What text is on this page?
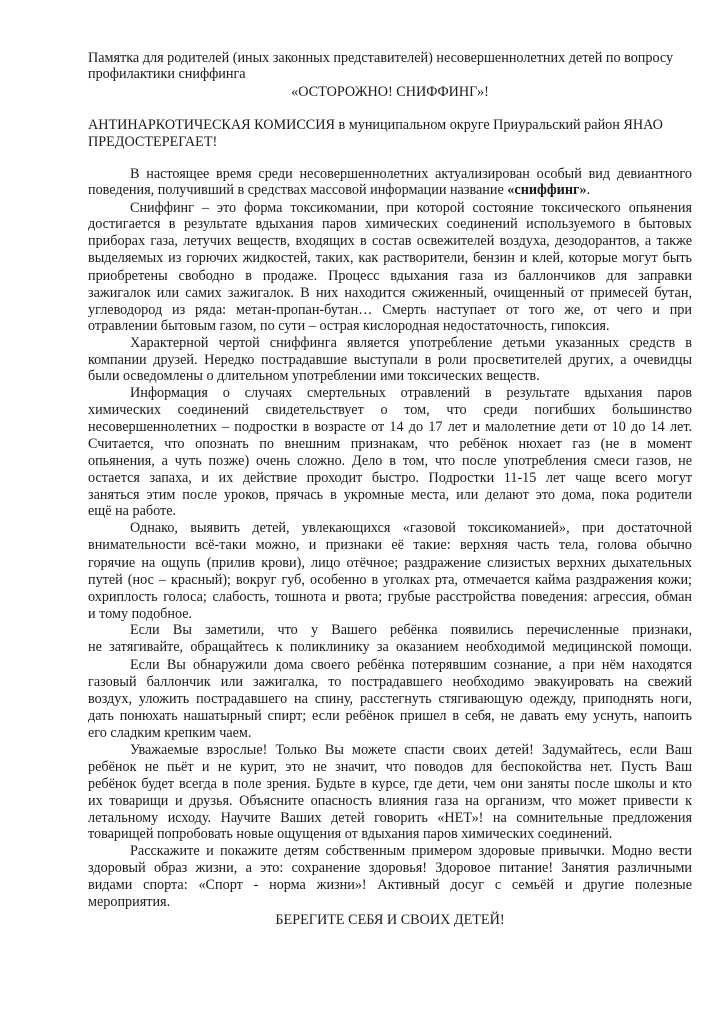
Памятка для родителей (иных законных представителей) несовершеннолетних детей по вопросу
профилактики сниффинга
«ОСТОРОЖНО! СНИФФИНГ»!
АНТИНАРКОТИЧЕСКАЯ КОМИССИЯ в муниципальном округе Приуральский район ЯНАО
ПРЕДОСТЕРЕГАЕТ!
В настоящее время среди несовершеннолетних актуализирован особый вид девиантного
поведения, получивший в средствах массовой информации название «сниффинг».
Сниффинг – это форма токсикомании, при которой состояние токсического опьянения
достигается в результате вдыхания паров химических соединений используемого в бытовых
приборах газа, летучих веществ, входящих в состав освежителей воздуха, дезодорантов, а также
выделяемых из горючих жидкостей, таких, как растворители, бензин и клей, которые могут быть
приобретены свободно в продаже. Процесс вдыхания газа из баллончиков для заправки
зажигалок или самих зажигалок. В них находится сжиженный, очищенный от примесей бутан,
углеводород из ряда: метан-пропан-бутан… Смерть наступает от того же, от чего и при
отравлении бытовым газом, по сути – острая кислородная недостаточность, гипоксия.
Характерной чертой сниффинга является употребление детьми указанных средств в
компании друзей. Нередко пострадавшие выступали в роли просветителей других, а очевидцы
были осведомлены о длительном употреблении ими токсических веществ.
Информация о случаях смертельных отравлений в результате вдыхания паров
химических соединений свидетельствует о том, что среди погибших большинство
несовершеннолетних – подростки в возрасте от 14 до 17 лет и малолетние дети от 10 до 14 лет.
Считается, что опознать по внешним признакам, что ребёнок нюхает газ (не в момент
опьянения, а чуть позже) очень сложно. Дело в том, что после употребления смеси газов, не
остается запаха, и их действие проходит быстро. Подростки 11-15 лет чаще всего могут
заняться этим после уроков, прячась в укромные места, или делают это дома, пока родители
ещё на работе.
Однако, выявить детей, увлекающихся «газовой токсикоманией», при достаточной
внимательности всё-таки можно, и признаки её такие: верхняя часть тела, голова обычно
горячие на ощупь (прилив крови), лицо отёчное; раздражение слизистых верхних дыхательных
путей (нос – красный); вокруг губ, особенно в уголках рта, отмечается кайма раздражения кожи;
охриплость голоса; слабость, тошнота и рвота; грубые расстройства поведения: агрессия, обман
и тому подобное.
Если Вы заметили, что у Вашего ребёнка появились перечисленные признаки,
не затягивайте, обращайтесь к поликлинику за оказанием необходимой медицинской помощи.
Если Вы обнаружили дома своего ребёнка потерявшим сознание, а при нём находятся
газовый баллончик или зажигалка, то пострадавшего необходимо эвакуировать на свежий
воздух, уложить пострадавшего на спину, расстегнуть стягивающую одежду, приподнять ноги,
дать понюхать нашатырный спирт; если ребёнок пришел в себя, не давать ему уснуть, напоить
его сладким крепким чаем.
Уважаемые взрослые! Только Вы можете спасти своих детей! Задумайтесь, если Ваш
ребёнок не пьёт и не курит, это не значит, что поводов для беспокойства нет. Пусть Ваш
ребёнок будет всегда в поле зрения. Будьте в курсе, где дети, чем они заняты после школы и кто
их товарищи и друзья. Объясните опасность влияния газа на организм, что может привести к
летальному исходу. Научите Ваших детей говорить «НЕТ»! на сомнительные предложения
товарищей попробовать новые ощущения от вдыхания паров химических соединений.
Расскажите и покажите детям собственным примером здоровые привычки. Модно вести
здоровый образ жизни, а это: сохранение здоровья! Здоровое питание! Занятия различными
видами спорта: «Спорт - норма жизни»! Активный досуг с семьёй и другие полезные
мероприятия.
БЕРЕГИТЕ СЕБЯ И СВОИХ ДЕТЕЙ!
